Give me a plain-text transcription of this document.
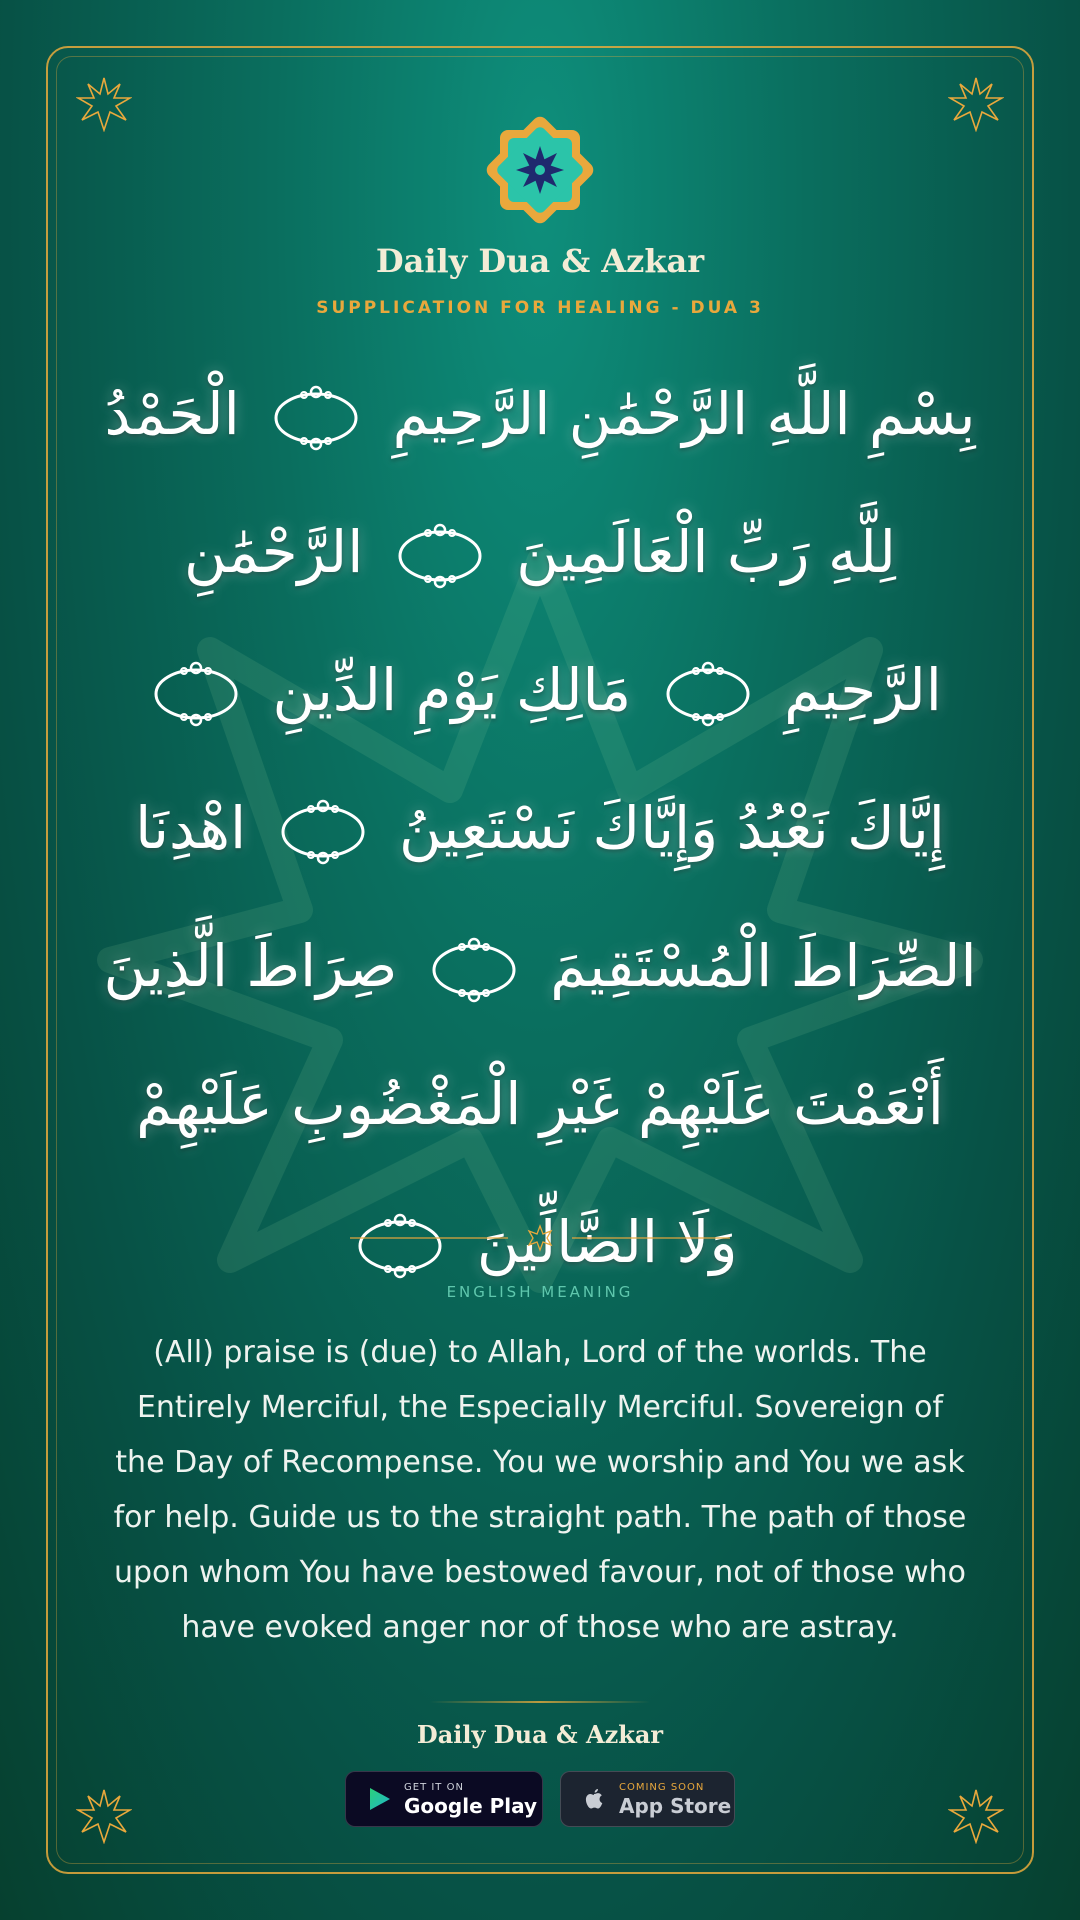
Daily Dua & Azkar
SUPPLICATION FOR HEALING - DUA 3
بِسْمِ اللَّهِ الرَّحْمَٰنِ الرَّحِيمِ  الْحَمْدُ لِلَّهِ رَبِّ الْعَالَمِينَ  الرَّحْمَٰنِ الرَّحِيمِ  مَالِكِ يَوْمِ الدِّينِ  إِيَّاكَ نَعْبُدُ وَإِيَّاكَ نَسْتَعِينُ  اهْدِنَا الصِّرَاطَ الْمُسْتَقِيمَ  صِرَاطَ الَّذِينَ أَنْعَمْتَ عَلَيْهِمْ غَيْرِ الْمَغْضُوبِ عَلَيْهِمْ وَلَا الضَّالِّينَ
ENGLISH MEANING
(All) praise is (due) to Allah, Lord of the worlds. The Entirely Merciful, the Especially Merciful. Sovereign of the Day of Recompense. You we worship and You we ask for help. Guide us to the straight path. The path of those upon whom You have bestowed favour, not of those who have evoked anger nor of those who are astray.
Daily Dua & Azkar
GET IT ON
Google Play
COMING SOON
App Store
